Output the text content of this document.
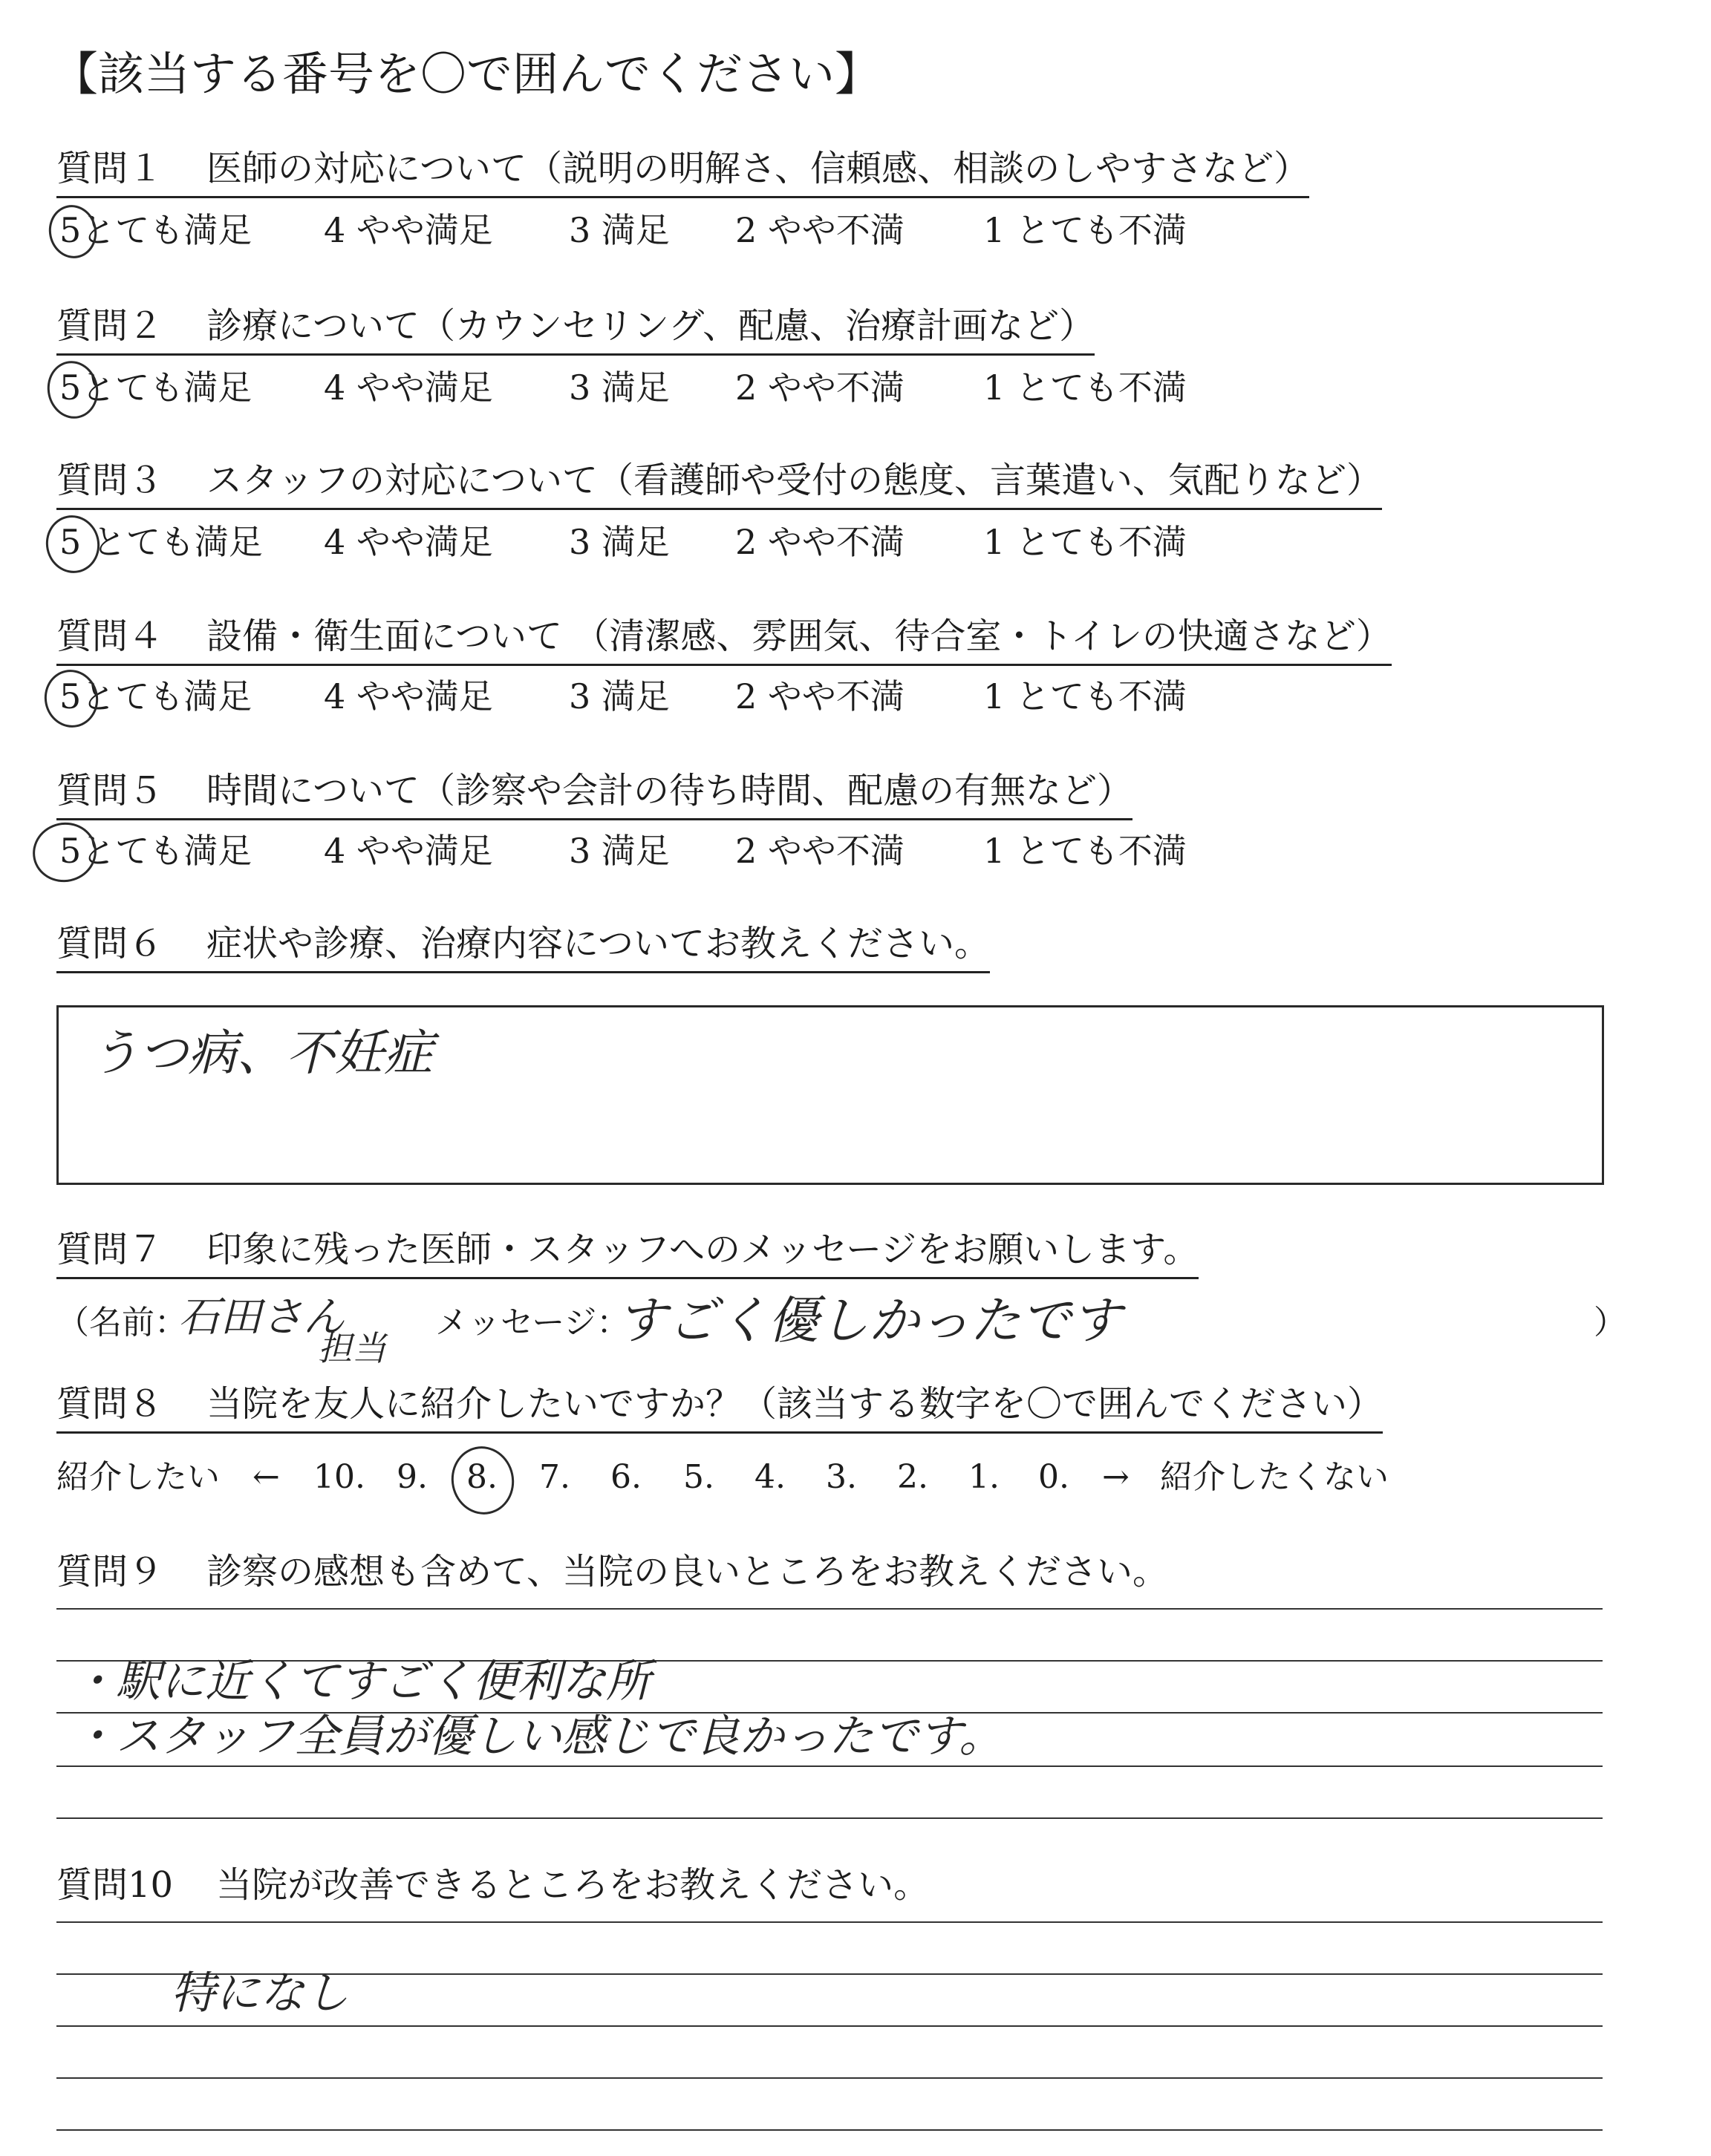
【該当する番号を〇で囲んでください】
質問１ 医師の対応について（説明の明解さ、信頼感、相談のしやすさなど）
5とても満足 4 やや満足 3 満足 2 やや不満 1 とても不満
質問２ 診療について（カウンセリング、配慮、治療計画など）
5とても満足 4 やや満足 3 満足 2 やや不満 1 とても不満
質問３ スタッフの対応について（看護師や受付の態度、言葉遣い、気配りなど）
5 とても満足 4 やや満足 3 満足 2 やや不満 1 とても不満
質問４ 設備・衛生面について （清潔感、雰囲気、待合室・トイレの快適さなど）
5とても満足 4 やや満足 3 満足 2 やや不満 1 とても不満
質問５ 時間について（診察や会計の待ち時間、配慮の有無など）
5とても満足 4 やや満足 3 満足 2 やや不満 1 とても不満
質問６ 症状や診療、治療内容についてお教えください。
うつ病、不妊症
質問７ 印象に残った医師・スタッフへのメッセージをお願いします。
（名前：
石田さん
担当
メッセージ：
すごく優しかったです	）
質問８ 当院を友人に紹介したいですか？（該当する数字を〇で囲んでください）
紹介したい ← 10. 9. 8. 7. 6. 5. 4. 3. 2. 1. 0. → 紹介したくない
質問９ 診察の感想も含めて、当院の良いところをお教えください。
・駅に近くてすごく便利な所
・スタッフ全員が優しい感じで良かったです。
質問10 当院が改善できるところをお教えください。
特になし
